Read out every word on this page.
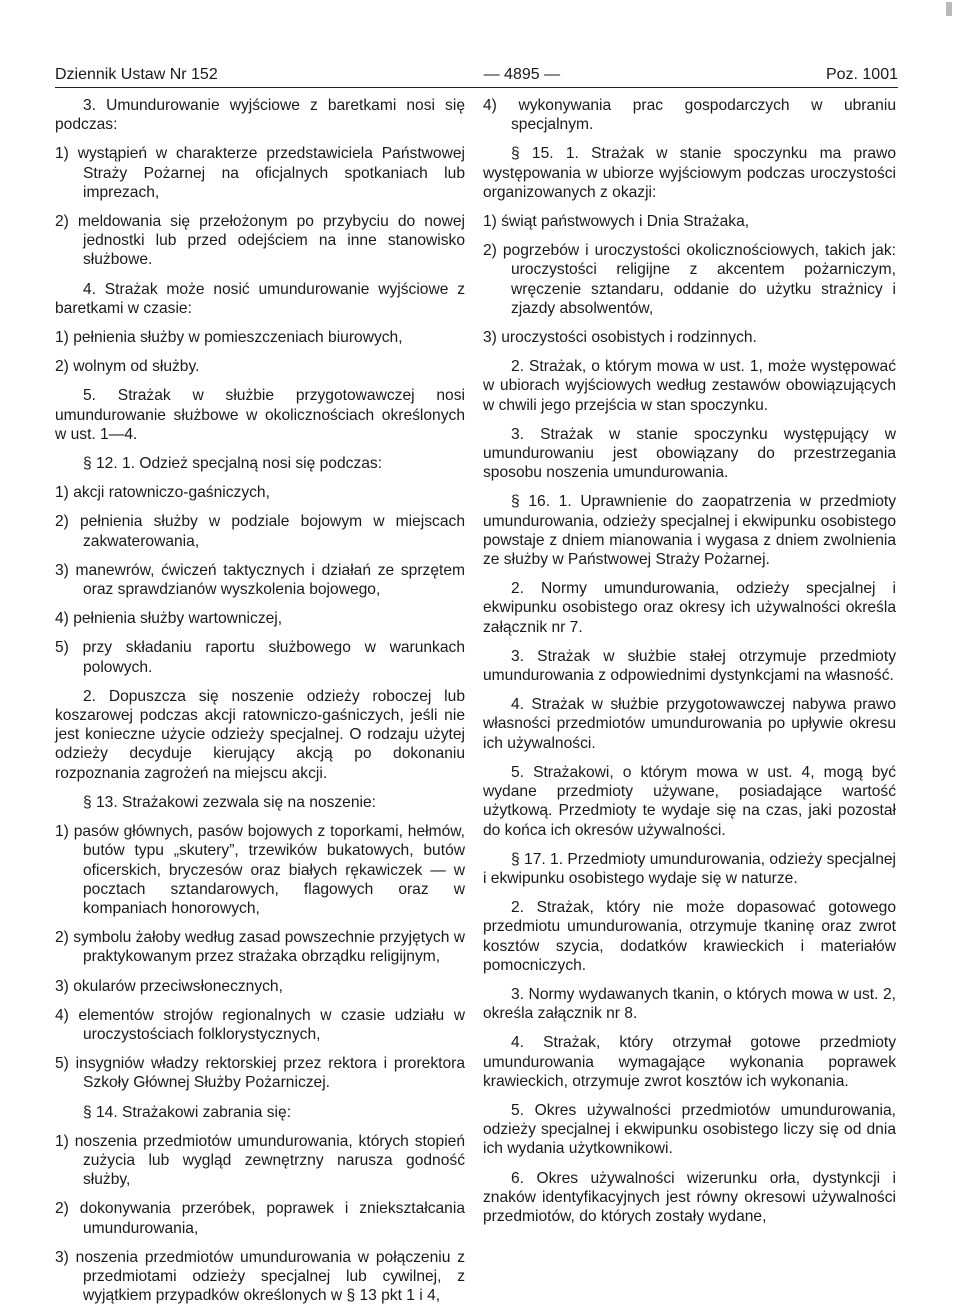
Dziennik Ustaw Nr 152	— 4895 —	Poz. 1001
3. Umundurowanie wyjściowe z baretkami nosi się podczas:
1) wystąpień w charakterze przedstawiciela Państwowej Straży Pożarnej na oficjalnych spotkaniach lub imprezach,
2) meldowania się przełożonym po przybyciu do nowej jednostki lub przed odejściem na inne stanowisko służbowe.
4. Strażak może nosić umundurowanie wyjściowe z baretkami w czasie:
1) pełnienia służby w pomieszczeniach biurowych,
2) wolnym od służby.
5. Strażak w służbie przygotowawczej nosi umundurowanie służbowe w okolicznościach określonych w ust. 1—4.
§ 12. 1. Odzież specjalną nosi się podczas:
1) akcji ratowniczo-gaśniczych,
2) pełnienia służby w podziale bojowym w miejscach zakwaterowania,
3) manewrów, ćwiczeń taktycznych i działań ze sprzętem oraz sprawdzianów wyszkolenia bojowego,
4) pełnienia służby wartowniczej,
5) przy składaniu raportu służbowego w warunkach polowych.
2. Dopuszcza się noszenie odzieży roboczej lub koszarowej podczas akcji ratowniczo-gaśniczych, jeśli nie jest konieczne użycie odzieży specjalnej. O rodzaju użytej odzieży decyduje kierujący akcją po dokonaniu rozpoznania zagrożeń na miejscu akcji.
§ 13. Strażakowi zezwala się na noszenie:
1) pasów głównych, pasów bojowych z toporkami, hełmów, butów typu „skutery”, trzewików bukatowych, butów oficerskich, bryczesów oraz białych rękawiczek — w pocztach sztandarowych, flagowych oraz w kompaniach honorowych,
2) symbolu żałoby według zasad powszechnie przyjętych w praktykowanym przez strażaka obrządku religijnym,
3) okularów przeciwsłonecznych,
4) elementów strojów regionalnych w czasie udziału w uroczystościach folklorystycznych,
5) insygniów władzy rektorskiej przez rektora i prorektora Szkoły Głównej Służby Pożarniczej.
§ 14. Strażakowi zabrania się:
1) noszenia przedmiotów umundurowania, których stopień zużycia lub wygląd zewnętrzny narusza godność służby,
2) dokonywania przeróbek, poprawek i zniekształcania umundurowania,
3) noszenia przedmiotów umundurowania w połączeniu z przedmiotami odzieży specjalnej lub cywilnej, z wyjątkiem przypadków określonych w § 13 pkt 1 i 4,
4) wykonywania prac gospodarczych w ubraniu specjalnym.
§ 15. 1. Strażak w stanie spoczynku ma prawo występowania w ubiorze wyjściowym podczas uroczystości organizowanych z okazji:
1) świąt państwowych i Dnia Strażaka,
2) pogrzebów i uroczystości okolicznościowych, takich jak: uroczystości religijne z akcentem pożarniczym, wręczenie sztandaru, oddanie do użytku strażnicy i zjazdy absolwentów,
3) uroczystości osobistych i rodzinnych.
2. Strażak, o którym mowa w ust. 1, może występować w ubiorach wyjściowych według zestawów obowiązujących w chwili jego przejścia w stan spoczynku.
3. Strażak w stanie spoczynku występujący w umundurowaniu jest obowiązany do przestrzegania sposobu noszenia umundurowania.
§ 16. 1. Uprawnienie do zaopatrzenia w przedmioty umundurowania, odzieży specjalnej i ekwipunku osobistego powstaje z dniem mianowania i wygasa z dniem zwolnienia ze służby w Państwowej Straży Pożarnej.
2. Normy umundurowania, odzieży specjalnej i ekwipunku osobistego oraz okresy ich używalności określa załącznik nr 7.
3. Strażak w służbie stałej otrzymuje przedmioty umundurowania z odpowiednimi dystynkcjami na własność.
4. Strażak w służbie przygotowawczej nabywa prawo własności przedmiotów umundurowania po upływie okresu ich używalności.
5. Strażakowi, o którym mowa w ust. 4, mogą być wydane przedmioty używane, posiadające wartość użytkową. Przedmioty te wydaje się na czas, jaki pozostał do końca ich okresów używalności.
§ 17. 1. Przedmioty umundurowania, odzieży specjalnej i ekwipunku osobistego wydaje się w naturze.
2. Strażak, który nie może dopasować gotowego przedmiotu umundurowania, otrzymuje tkaninę oraz zwrot kosztów szycia, dodatków krawieckich i materiałów pomocniczych.
3. Normy wydawanych tkanin, o których mowa w ust. 2, określa załącznik nr 8.
4. Strażak, który otrzymał gotowe przedmioty umundurowania wymagające wykonania poprawek krawieckich, otrzymuje zwrot kosztów ich wykonania.
5. Okres używalności przedmiotów umundurowania, odzieży specjalnej i ekwipunku osobistego liczy się od dnia ich wydania użytkownikowi.
6. Okres używalności wizerunku orła, dystynkcji i znaków identyfikacyjnych jest równy okresowi używalności przedmiotów, do których zostały wydane,
